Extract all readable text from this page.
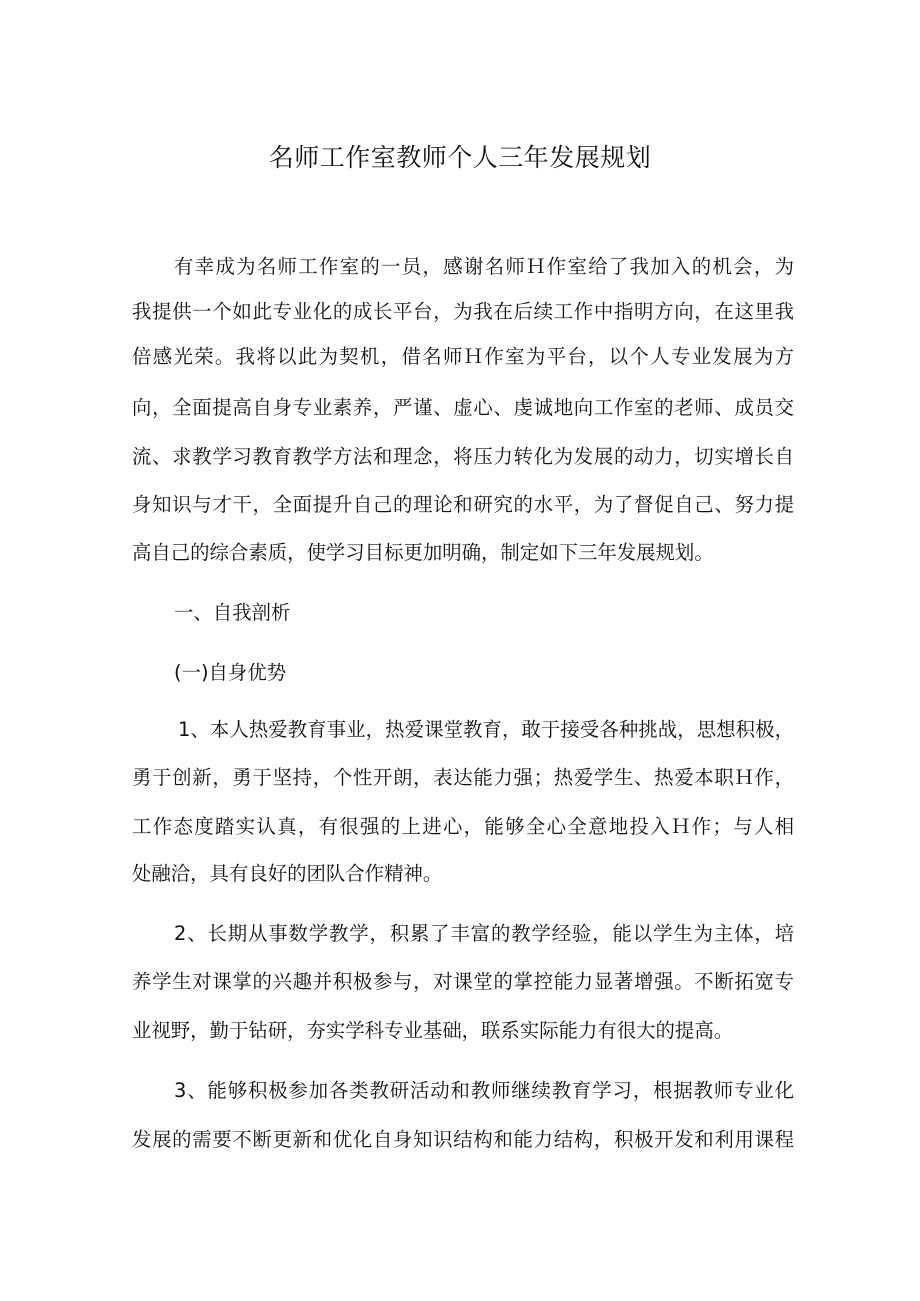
名师工作室教师个人三年发展规划
有幸成为名师工作室的一员，感谢名师Ｈ作室给了我加入的机会，为
我提供一个如此专业化的成长平台，为我在后续工作中指明方向，在这里我
倍感光荣。我将以此为契机，借名师Ｈ作室为平台，以个人专业发展为方
向，全面提高自身专业素养，严谨、虚心、虔诚地向工作室的老师、成员交
流、求教学习教育教学方法和理念，将压力转化为发展的动力，切实增长自
身知识与才干，全面提升自己的理论和研究的水平，为了督促自己、努力提
高自己的综合素质，使学习目标更加明确，制定如下三年发展规划。
一、自我剖析
(一)自身优势
1、本人热爱教育事业，热爱课堂教育，敢于接受各种挑战，思想积极，
勇于创新，勇于坚持，个性开朗，表达能力强；热爱学生、热爱本职Ｈ作，
工作态度踏实认真，有很强的上进心，能够全心全意地投入Ｈ作；与人相
处融洽，具有良好的团队合作精神。
2、长期从事数学教学，积累了丰富的教学经验，能以学生为主体，培
养学生对课掌的兴趣并积极参与，对课堂的掌控能力显著增强。不断拓宽专
业视野，勤于钻研，夯实学科专业基础，联系实际能力有很大的提高。
3、能够积极参加各类教研活动和教师继续教育学习，根据教师专业化
发展的需要不断更新和优化自身知识结构和能力结构，积极开发和利用课程
